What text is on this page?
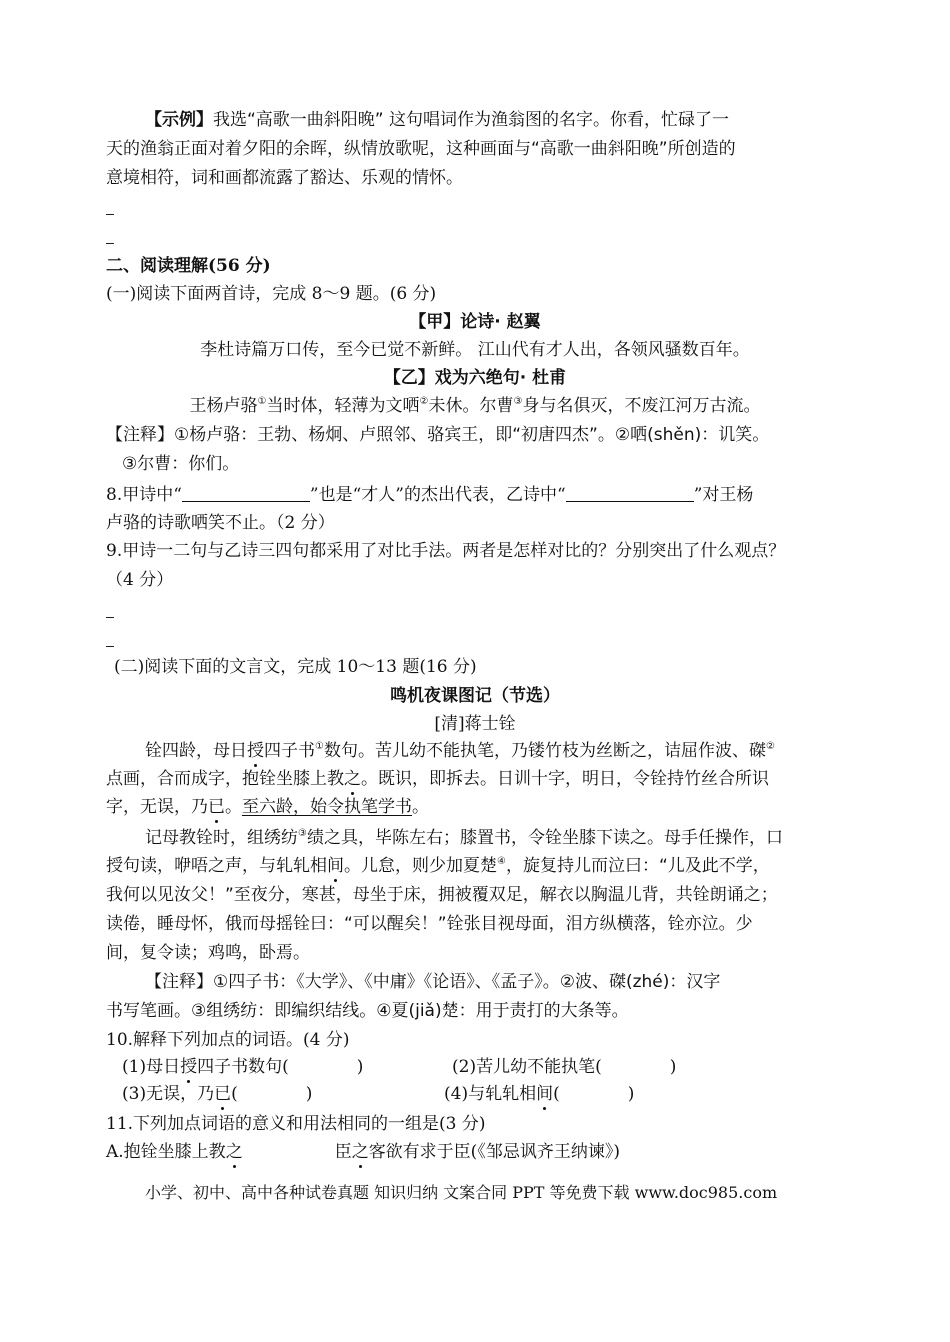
【示例】我选“高歌一曲斜阳晚” 这句唱词作为渔翁图的名字。你看，忙碌了一
天的渔翁正面对着夕阳的余晖，纵情放歌呢，这种画面与“高歌一曲斜阳晚”所创造的
意境相符，词和画都流露了豁达、乐观的情怀。
二、阅读理解(56 分)
(一)阅读下面两首诗，完成 8～9 题。(6 分)
【甲】论诗· 赵翼
李杜诗篇万口传，至今已觉不新鲜。 江山代有才人出，各领风骚数百年。
【乙】戏为六绝句· 杜甫
王杨卢骆①当时体，轻薄为文哂②未休。尔曹③身与名俱灭，不废江河万古流。
【注释】①杨卢骆：王勃、杨炯、卢照邻、骆宾王，即“初唐四杰”。②哂(shěn)：讥笑。
③尔曹：你们。
8.甲诗中“	”也是“才人”的杰出代表，乙诗中“	”对王杨
卢骆的诗歌哂笑不止。（2 分）
9.甲诗一二句与乙诗三四句都采用了对比手法。两者是怎样对比的？分别突出了什么观点？
（4 分）
(二)阅读下面的文言文，完成 10～13 题(16 分)
鸣机夜课图记（节选）
[清]蒋士铨
铨四龄，母日授四子书①数句。苦儿幼不能执笔，乃镂竹枝为丝断之，诘屈作波、磔②
点画，合而成字，抱铨坐膝上教之。既识，即拆去。日训十字，明日，令铨持竹丝合所识
字，无误，乃已。至六龄，始令执笔学书。
记母教铨时，组绣纺③绩之具，毕陈左右；膝置书，令铨坐膝下读之。母手任操作，口
授句读，咿唔之声，与轧轧相间。儿怠，则少加夏楚④，旋复持儿而泣曰：“儿及此不学，
我何以见汝父！”至夜分，寒甚，母坐于床，拥被覆双足，解衣以胸温儿背，共铨朗诵之；
读倦，睡母怀，俄而母摇铨曰：“可以醒矣！”铨张目视母面，泪方纵横落，铨亦泣。少
间，复令读；鸡鸣，卧焉。
【注释】①四子书：《大学》、《中庸》《论语》、《孟子》。②波、磔(zhé)：汉字
书写笔画。③组绣纺：即编织结线。④夏(jiǎ)楚：用于责打的大条等。
10.解释下列加点的词语。(4 分)
(1)母日授四子书数句(　　　　)	(2)苦儿幼不能执笔(　　　　)
(3)无误，乃已(　　　　)	(4)与轧轧相间(　　　　)
11.下列加点词语的意义和用法相同的一组是(3 分)
A.抱铨坐膝上教之	臣之客欲有求于臣(《邹忌讽齐王纳谏》)
小学、初中、高中各种试卷真题 知识归纳 文案合同 PPT 等免费下载 www.doc985.com
